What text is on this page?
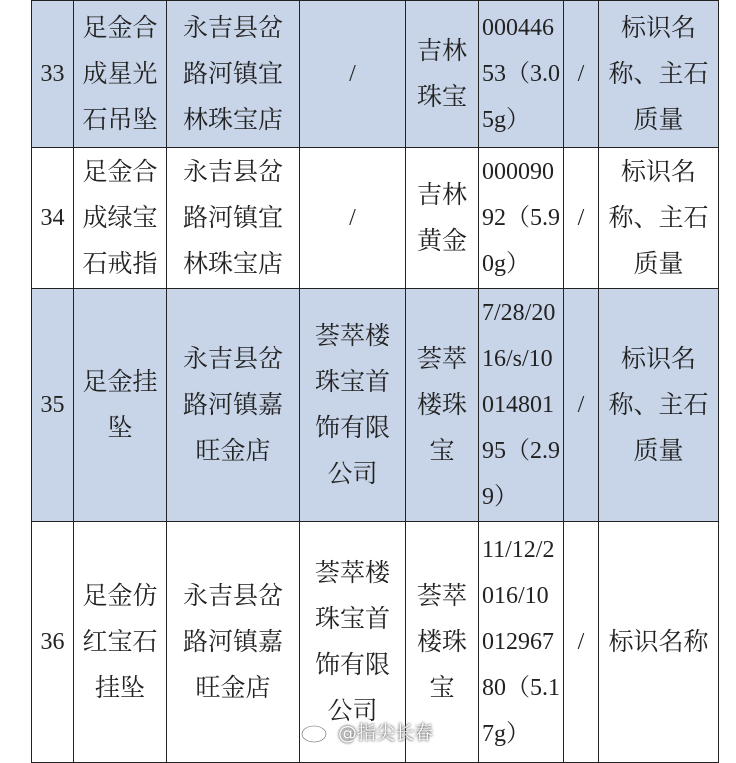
33	足金合成星光石吊坠	永吉县岔路河镇宜林珠宝店	/	吉林珠宝	00044653（3.05g）	/	标识名称、主石质量
34	足金合成绿宝石戒指	永吉县岔路河镇宜林珠宝店	/	吉林黄金	00009092（5.90g）	/	标识名称、主石质量
35	足金挂坠	永吉县岔路河镇嘉旺金店	荟萃楼珠宝首饰有限公司	荟萃楼珠宝	7/28/2016/s/1001480195（2.99）	/	标识名称、主石质量
36	足金仿红宝石挂坠	永吉县岔路河镇嘉旺金店	荟萃楼珠宝首饰有限公司	荟萃楼珠宝	11/12/2016/1001296780（5.17g）	/	标识名称
@指尖长春
